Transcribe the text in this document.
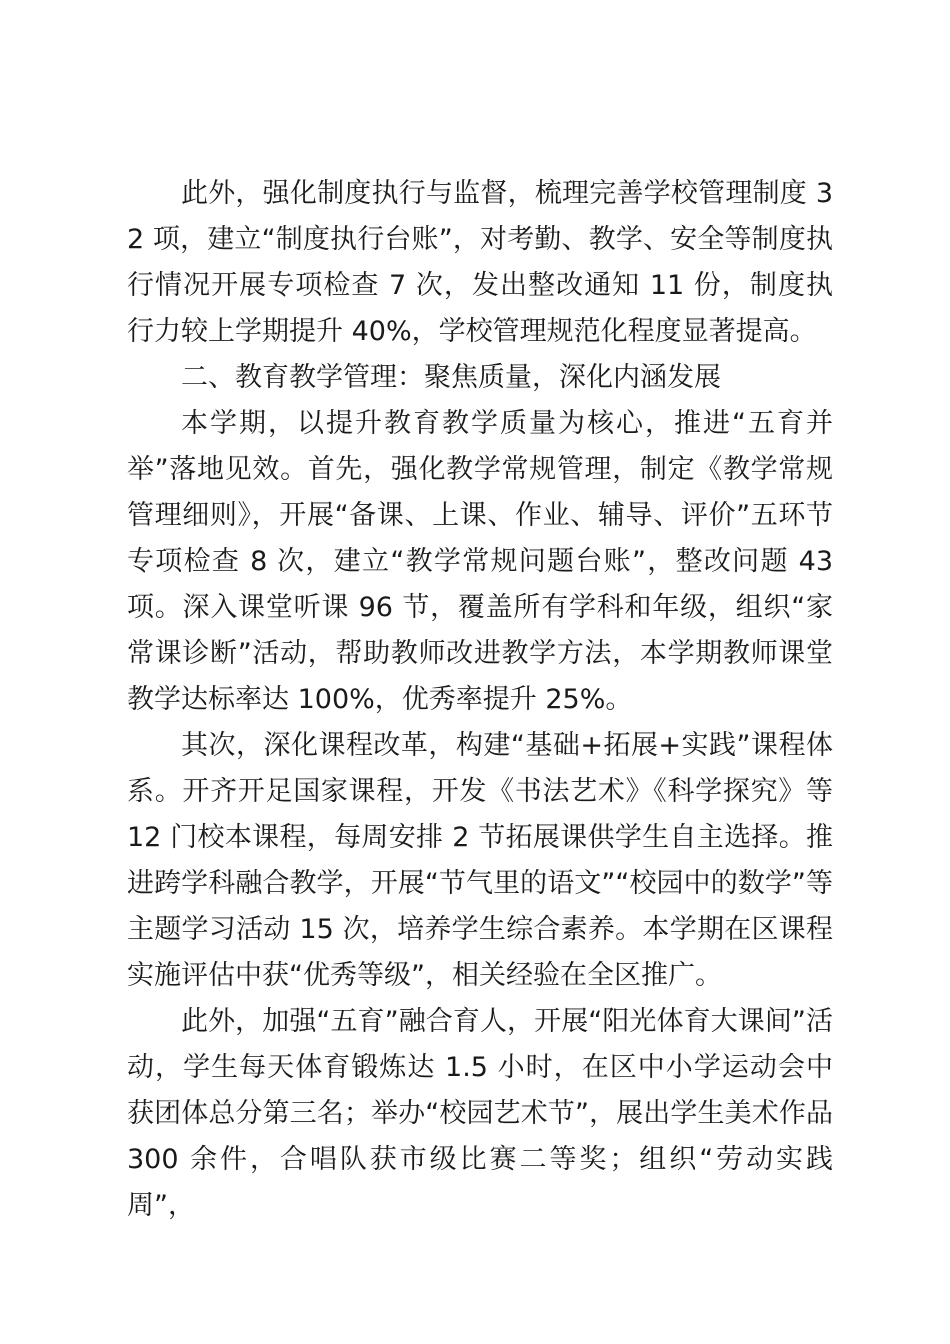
此外，强化制度执行与监督，梳理完善学校管理制度 32 项，建立“制度执行台账”，对考勤、教学、安全等制度执行情况开展专项检查 7 次，发出整改通知 11 份，制度执行力较上学期提升 40%，学校管理规范化程度显著提高。

二、教育教学管理：聚焦质量，深化内涵发展

本学期，以提升教育教学质量为核心，推进“五育并举”落地见效。首先，强化教学常规管理，制定《教学常规管理细则》，开展“备课、上课、作业、辅导、评价”五环节专项检查 8 次，建立“教学常规问题台账”，整改问题 43 项。深入课堂听课 96 节，覆盖所有学科和年级，组织“家常课诊断”活动，帮助教师改进教学方法，本学期教师课堂教学达标率达 100%，优秀率提升 25%。

其次，深化课程改革，构建“基础+拓展+实践”课程体系。开齐开足国家课程，开发《书法艺术》《科学探究》等 12 门校本课程，每周安排 2 节拓展课供学生自主选择。推进跨学科融合教学，开展“节气里的语文”“校园中的数学”等主题学习活动 15 次，培养学生综合素养。本学期在区课程实施评估中获“优秀等级”，相关经验在全区推广。

此外，加强“五育”融合育人，开展“阳光体育大课间”活动，学生每天体育锻炼达 1.5 小时，在区中小学运动会中获团体总分第三名；举办“校园艺术节”，展出学生美术作品 300 余件，合唱队获市级比赛二等奖；组织“劳动实践周”，
